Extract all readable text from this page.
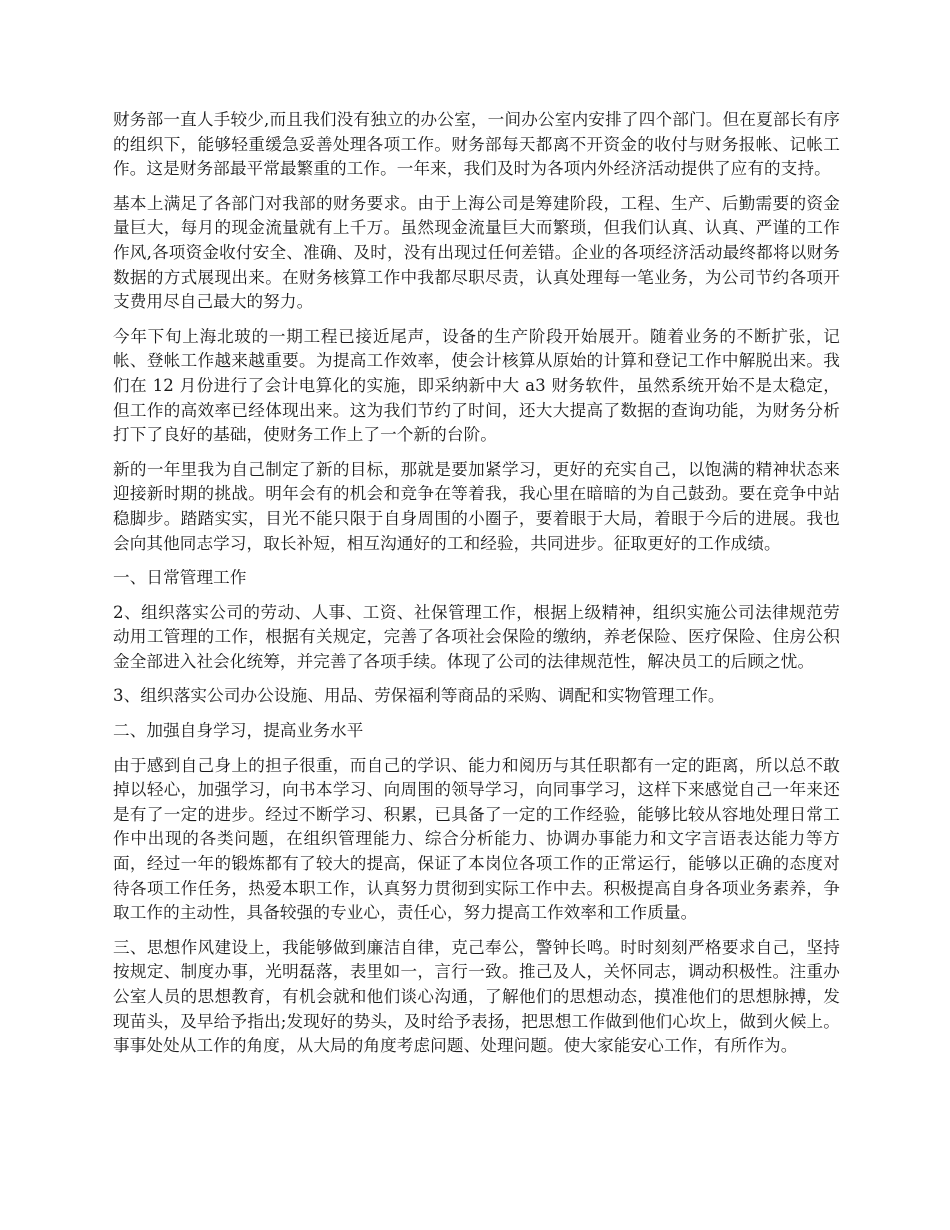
财务部一直人手较少,而且我们没有独立的办公室，一间办公室内安排了四个部门。但在夏部长有序的组织下，能够轻重缓急妥善处理各项工作。财务部每天都离不开资金的收付与财务报帐、记帐工作。这是财务部最平常最繁重的工作。一年来，我们及时为各项内外经济活动提供了应有的支持。

基本上满足了各部门对我部的财务要求。由于上海公司是筹建阶段，工程、生产、后勤需要的资金量巨大，每月的现金流量就有上千万。虽然现金流量巨大而繁琐，但我们认真、认真、严谨的工作作风,各项资金收付安全、准确、及时，没有出现过任何差错。企业的各项经济活动最终都将以财务数据的方式展现出来。在财务核算工作中我都尽职尽责，认真处理每一笔业务，为公司节约各项开支费用尽自己最大的努力。

今年下旬上海北玻的一期工程已接近尾声，设备的生产阶段开始展开。随着业务的不断扩张，记帐、登帐工作越来越重要。为提高工作效率，使会计核算从原始的计算和登记工作中解脱出来。我们在 12 月份进行了会计电算化的实施，即采纳新中大 a3 财务软件，虽然系统开始不是太稳定，但工作的高效率已经体现出来。这为我们节约了时间，还大大提高了数据的查询功能，为财务分析打下了良好的基础，使财务工作上了一个新的台阶。

新的一年里我为自己制定了新的目标，那就是要加紧学习，更好的充实自己，以饱满的精神状态来迎接新时期的挑战。明年会有的机会和竞争在等着我，我心里在暗暗的为自己鼓劲。要在竞争中站稳脚步。踏踏实实，目光不能只限于自身周围的小圈子，要着眼于大局，着眼于今后的进展。我也会向其他同志学习，取长补短，相互沟通好的工和经验，共同进步。征取更好的工作成绩。

一、日常管理工作

2、组织落实公司的劳动、人事、工资、社保管理工作，根据上级精神，组织实施公司法律规范劳动用工管理的工作，根据有关规定，完善了各项社会保险的缴纳，养老保险、医疗保险、住房公积金全部进入社会化统筹，并完善了各项手续。体现了公司的法律规范性，解决员工的后顾之忧。

3、组织落实公司办公设施、用品、劳保福利等商品的采购、调配和实物管理工作。

二、加强自身学习，提高业务水平

由于感到自己身上的担子很重，而自己的学识、能力和阅历与其任职都有一定的距离，所以总不敢掉以轻心，加强学习，向书本学习、向周围的领导学习，向同事学习，这样下来感觉自己一年来还是有了一定的进步。经过不断学习、积累，已具备了一定的工作经验，能够比较从容地处理日常工作中出现的各类问题，在组织管理能力、综合分析能力、协调办事能力和文字言语表达能力等方面，经过一年的锻炼都有了较大的提高，保证了本岗位各项工作的正常运行，能够以正确的态度对待各项工作任务，热爱本职工作，认真努力贯彻到实际工作中去。积极提高自身各项业务素养，争取工作的主动性，具备较强的专业心，责任心，努力提高工作效率和工作质量。

三、思想作风建设上，我能够做到廉洁自律，克己奉公，警钟长鸣。时时刻刻严格要求自己，坚持按规定、制度办事，光明磊落，表里如一，言行一致。推己及人，关怀同志，调动积极性。注重办公室人员的思想教育，有机会就和他们谈心沟通，了解他们的思想动态，摸准他们的思想脉搏，发现苗头，及早给予指出;发现好的势头，及时给予表扬，把思想工作做到他们心坎上，做到火候上。事事处处从工作的角度，从大局的角度考虑问题、处理问题。使大家能安心工作，有所作为。
